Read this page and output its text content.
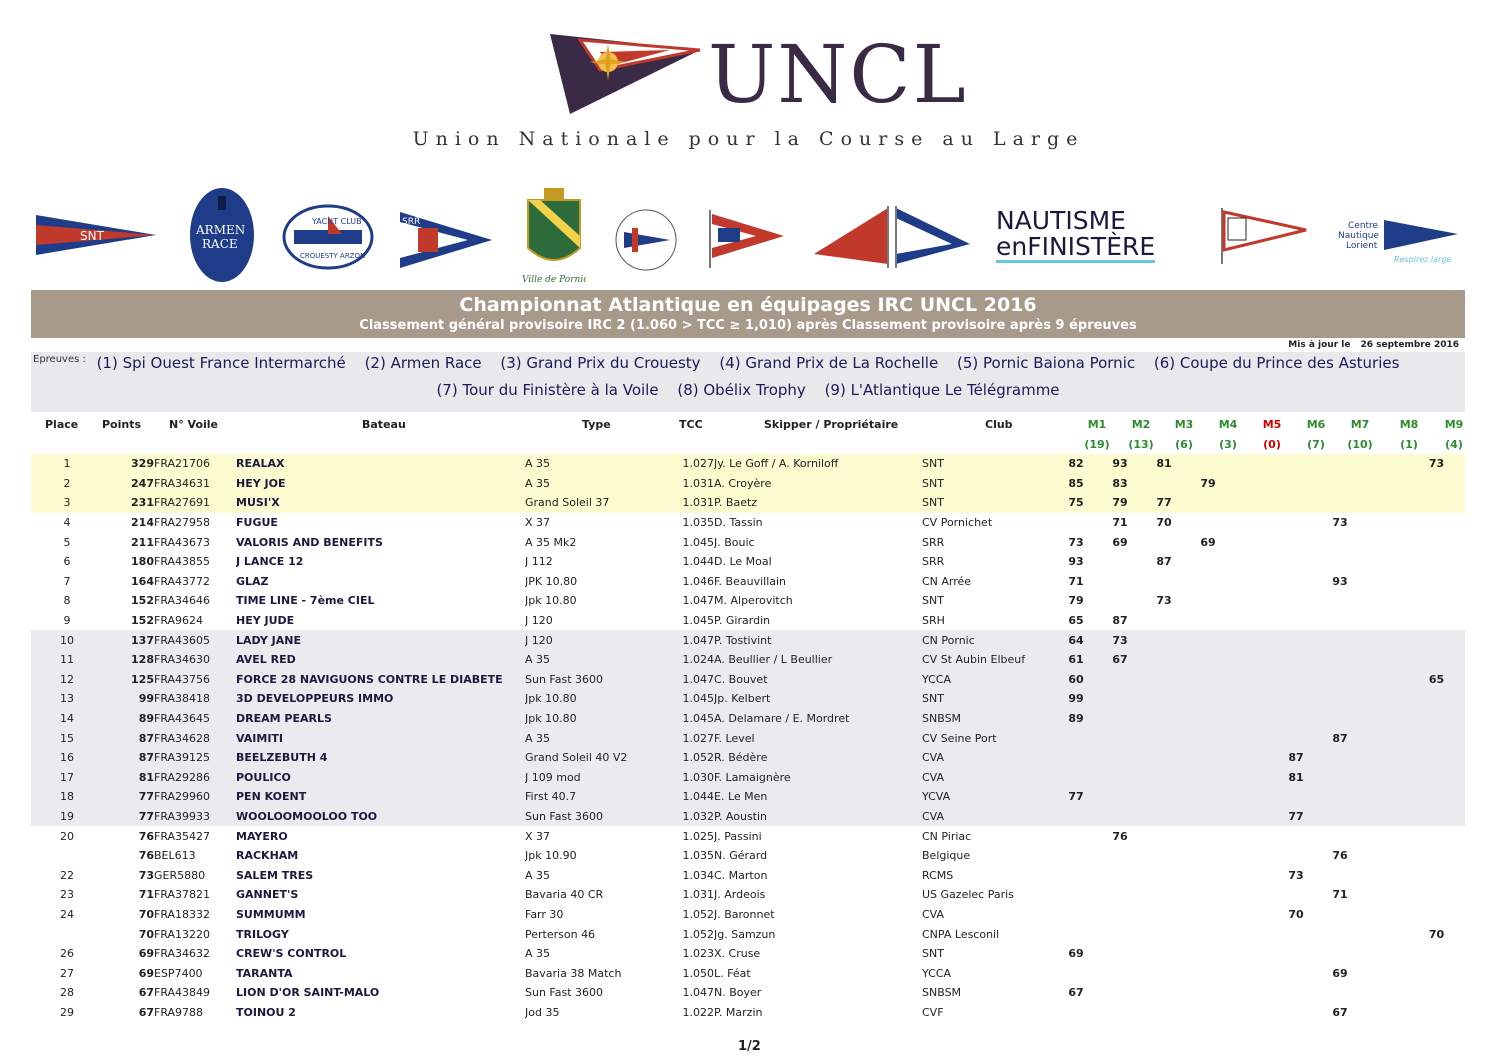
UNCL
Union Nationale pour la Course au Large
SNT	ARMEN
RACE
YACHT CLUB
CROUESTY ARZON
SRR
Ville de Pornic
NAUTISME
enFINISTÈRE
Centre
Nautique
Lorient
Respirez large
Championnat Atlantique en équipages IRC UNCL 2016
Classement général provisoire IRC 2 (1.060 > TCC ≥ 1,010) après Classement provisoire après 9 épreuves
Mis à jour le 26 septembre 2016
Epreuves : (1) Spi Ouest France Intermarché (2) Armen Race (3) Grand Prix du Crouesty (4) Grand Prix de La Rochelle (5) Pornic Baiona Pornic (6) Coupe du Prince des Asturies
(7) Tour du Finistère à la Voile (8) Obélix Trophy (9) L'Atlantique Le Télégramme
Place Points	N° Voile	Bateau	Type	TCC	Skipper / Propriétaire	Club	M1	M2	M3	M4	M5	M6	M7	M8	M9
(19)	(13)	(6)	(3)	(0)	(7)	(10)	(1)	(4)
1	329	FRA21706	REALAX	A 35	1.027	Jy. Le Goff / A. Korniloff	SNT	82	93	81						73
2	247	FRA34631	HEY JOE	A 35	1.031	A. Croyère	SNT	85	83		79					
3	231	FRA27691	MUSI'X	Grand Soleil 37	1.031	P. Baetz	SNT	75	79	77						
4	214	FRA27958	FUGUE	X 37	1.035	D. Tassin	CV Pornichet		71	70				73		
5	211	FRA43673	VALORIS AND BENEFITS	A 35 Mk2	1.045	J. Bouic	SRR	73	69		69					
6	180	FRA43855	J LANCE 12	J 112	1.044	D. Le Moal	SRR	93		87						
7	164	FRA43772	GLAZ	JPK 10.80	1.046	F. Beauvillain	CN Arrée	71						93		
8	152	FRA34646	TIME LINE - 7ème CIEL	Jpk 10.80	1.047	M. Alperovitch	SNT	79		73						
9	152	FRA9624	HEY JUDE	J 120	1.045	P. Girardin	SRH	65	87							
10	137	FRA43605	LADY JANE	J 120	1.047	P. Tostivint	CN Pornic	64	73							
11	128	FRA34630	AVEL RED	A 35	1.024	A. Beullier / L Beullier	CV St Aubin Elbeuf	61	67							
12	125	FRA43756	FORCE 28 NAVIGUONS CONTRE LE DIABETE	Sun Fast 3600	1.047	C. Bouvet	YCCA	60								65
13	99	FRA38418	3D DEVELOPPEURS IMMO	Jpk 10.80	1.045	Jp. Kelbert	SNT	99								
14	89	FRA43645	DREAM PEARLS	Jpk 10.80	1.045	A. Delamare / E. Mordret	SNBSM	89								
15	87	FRA34628	VAIMITI	A 35	1.027	F. Level	CV Seine Port							87		
16	87	FRA39125	BEELZEBUTH 4	Grand Soleil 40 V2	1.052	R. Bédère	CVA						87			
17	81	FRA29286	POULICO	J 109 mod	1.030	F. Lamaignère	CVA						81			
18	77	FRA29960	PEN KOENT	First 40.7	1.044	E. Le Men	YCVA	77								
19	77	FRA39933	WOOLOOMOOLOO TOO	Sun Fast 3600	1.032	P. Aoustin	CVA						77			
20	76	FRA35427	MAYERO	X 37	1.025	J. Passini	CN Piriac		76							
	76	BEL613	RACKHAM	Jpk 10.90	1.035	N. Gérard	Belgique							76		
22	73	GER5880	SALEM TRES	A 35	1.034	C. Marton	RCMS						73			
23	71	FRA37821	GANNET'S	Bavaria 40 CR	1.031	J. Ardeois	US Gazelec Paris							71		
24	70	FRA18332	SUMMUMM	Farr 30	1.052	J. Baronnet	CVA						70			
	70	FRA13220	TRILOGY	Perterson 46	1.052	Jg. Samzun	CNPA Lesconil									70
26	69	FRA34632	CREW'S CONTROL	A 35	1.023	X. Cruse	SNT	69								
27	69	ESP7400	TARANTA	Bavaria 38 Match	1.050	L. Féat	YCCA							69		
28	67	FRA43849	LION D'OR SAINT-MALO	Sun Fast 3600	1.047	N. Boyer	SNBSM	67								
29	67	FRA9788	TOINOU 2	Jod 35	1.022	P. Marzin	CVF							67		
1/2
